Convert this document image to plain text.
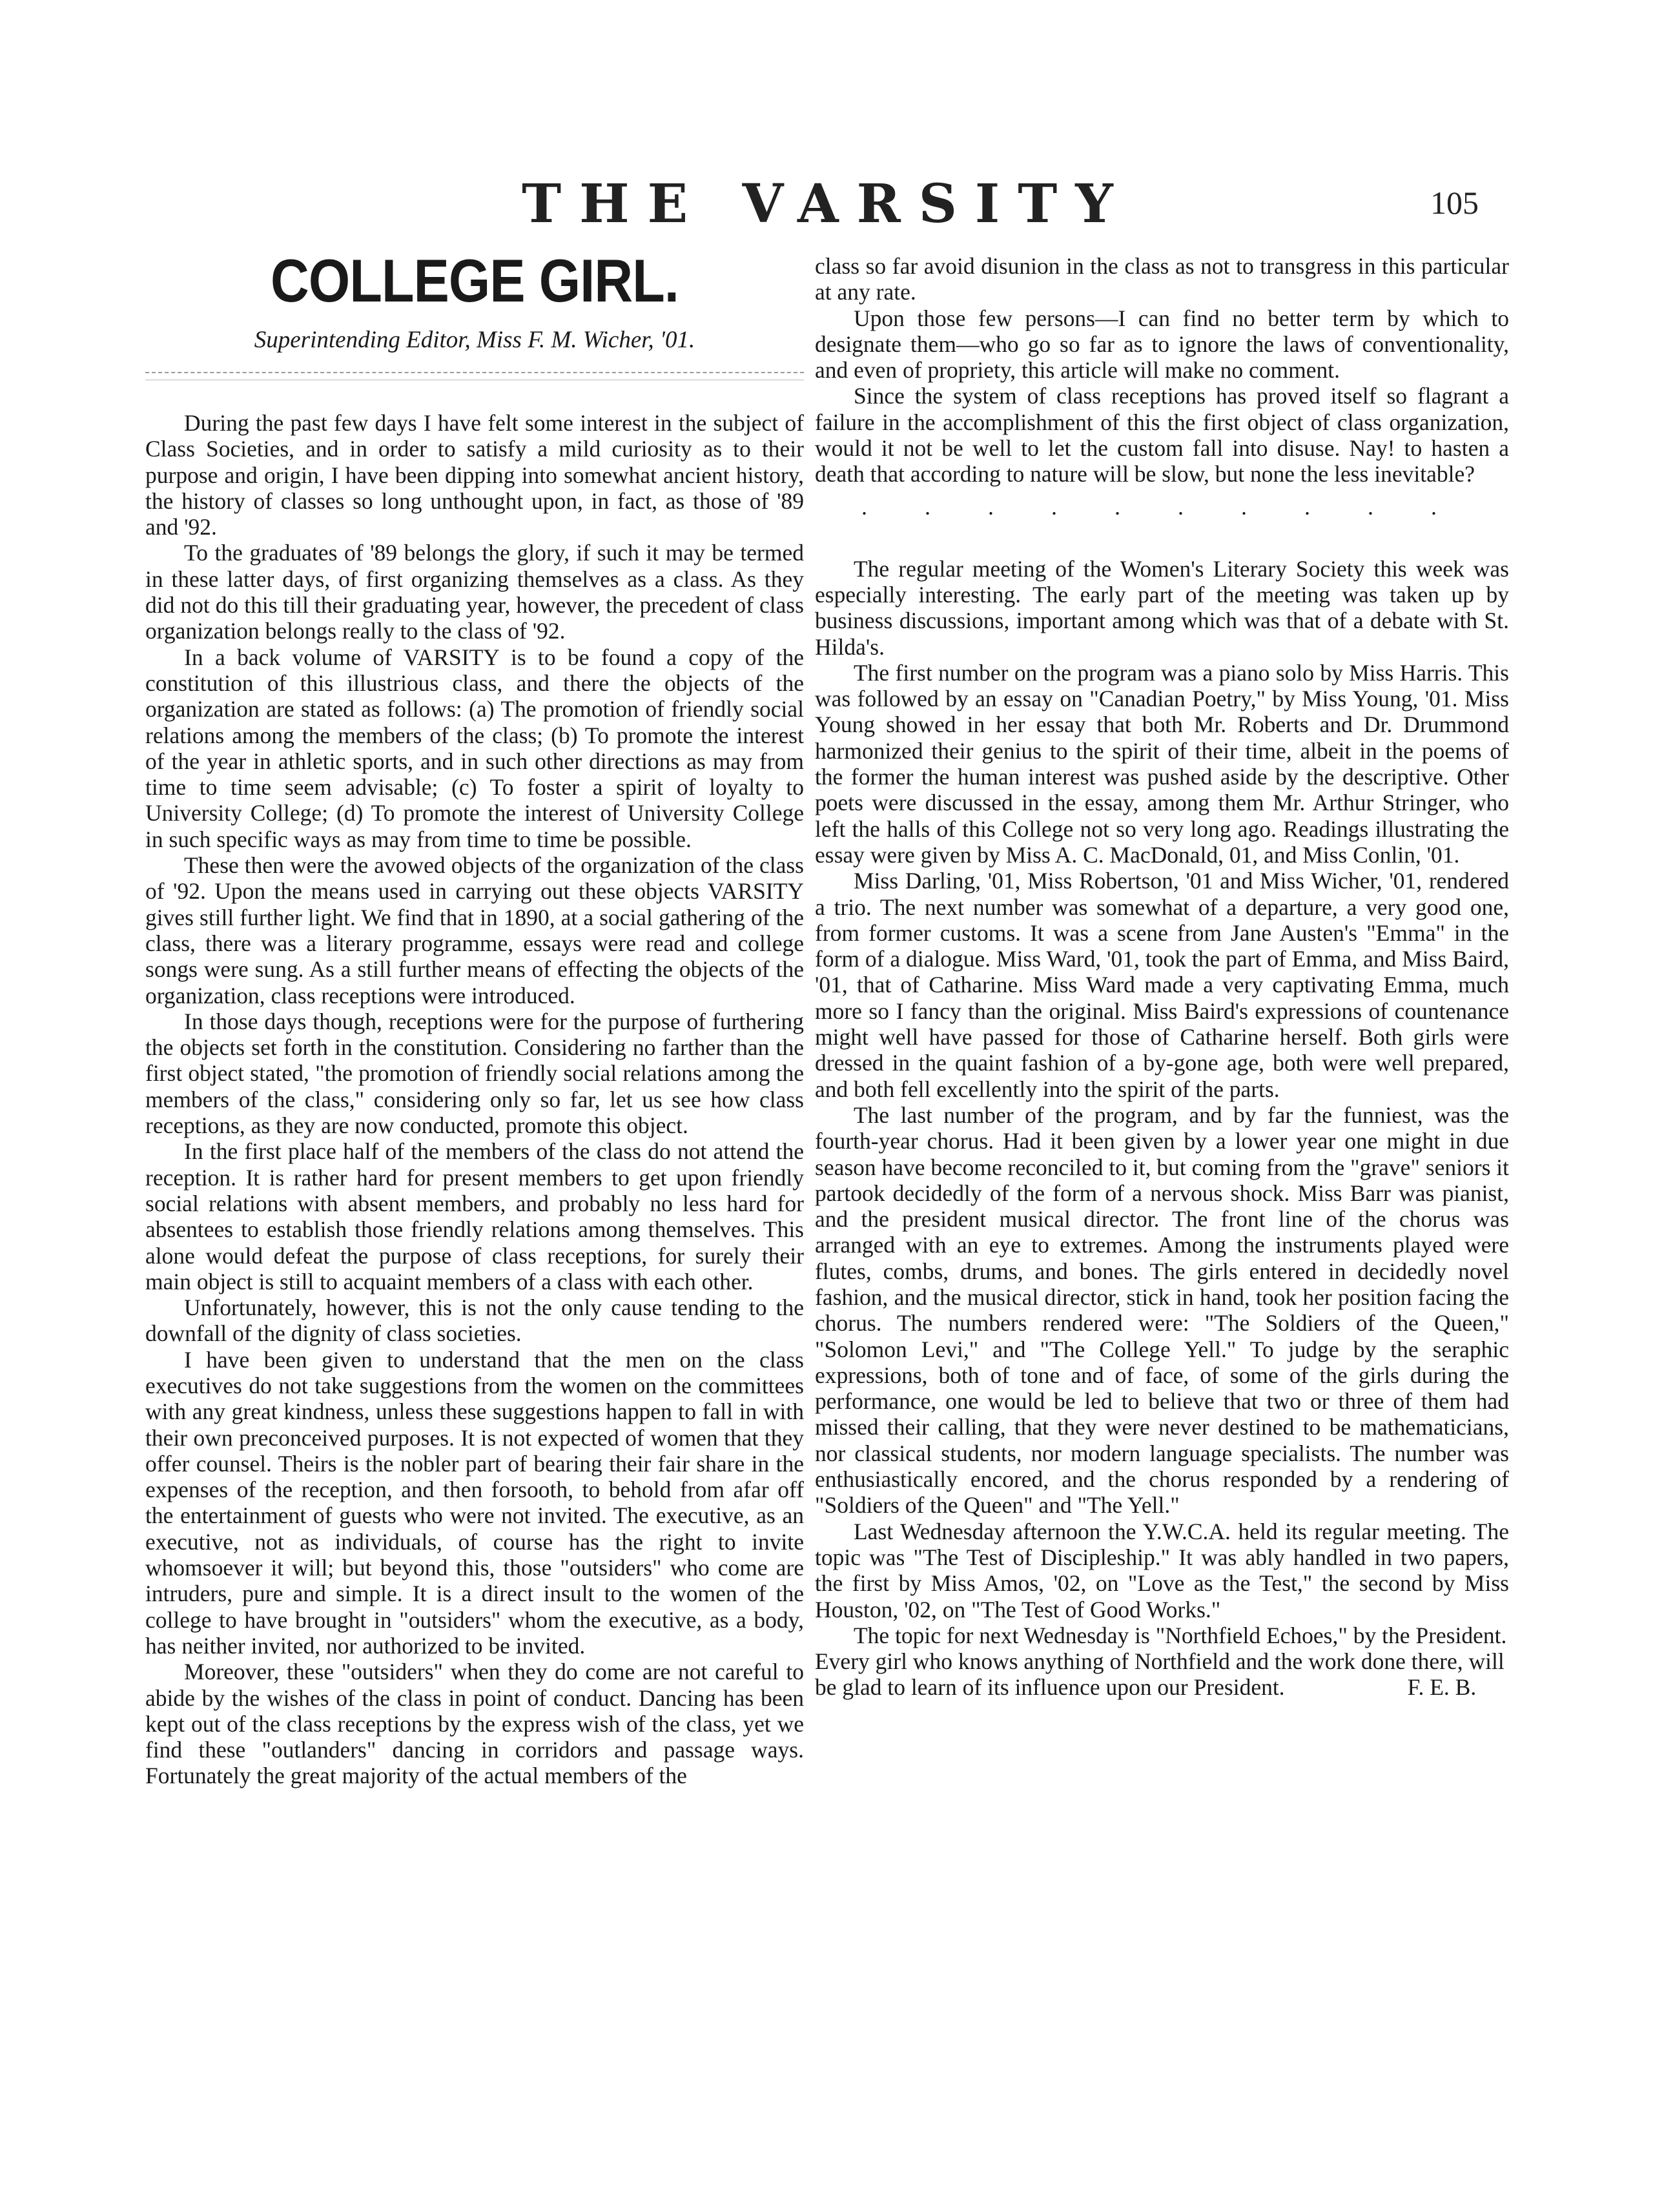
THE VARSITY	105
COLLEGE GIRL.
Superintending Editor, Miss F. M. Wicher, '01.

During the past few days I have felt some interest in the subject of Class Societies, and in order to satisfy a mild curiosity as to their purpose and origin, I have been dipping into somewhat ancient history, the history of classes so long unthought upon, in fact, as those of '89 and '92.

To the graduates of '89 belongs the glory, if such it may be termed in these latter days, of first organizing themselves as a class. As they did not do this till their graduating year, however, the precedent of class organization belongs really to the class of '92.

In a back volume of VARSITY is to be found a copy of the constitution of this illustrious class, and there the objects of the organization are stated as follows: (a) The promotion of friendly social relations among the members of the class; (b) To promote the interest of the year in athletic sports, and in such other directions as may from time to time seem advisable; (c) To foster a spirit of loyalty to University College; (d) To promote the interest of University College in such specific ways as may from time to time be possible.

These then were the avowed objects of the organization of the class of '92. Upon the means used in carrying out these objects VARSITY gives still further light. We find that in 1890, at a social gathering of the class, there was a literary programme, essays were read and college songs were sung. As a still further means of effecting the objects of the organization, class receptions were introduced.

In those days though, receptions were for the purpose of furthering the objects set forth in the constitution. Considering no farther than the first object stated, "the promotion of friendly social relations among the members of the class," considering only so far, let us see how class receptions, as they are now conducted, promote this object.

In the first place half of the members of the class do not attend the reception. It is rather hard for present members to get upon friendly social relations with absent members, and probably no less hard for absentees to establish those friendly relations among themselves. This alone would defeat the purpose of class receptions, for surely their main object is still to acquaint members of a class with each other.

Unfortunately, however, this is not the only cause tending to the downfall of the dignity of class societies.

I have been given to understand that the men on the class executives do not take suggestions from the women on the committees with any great kindness, unless these suggestions happen to fall in with their own preconceived purposes. It is not expected of women that they offer counsel. Theirs is the nobler part of bearing their fair share in the expenses of the reception, and then forsooth, to behold from afar off the entertainment of guests who were not invited. The executive, as an executive, not as individuals, of course has the right to invite whomsoever it will; but beyond this, those "outsiders" who come are intruders, pure and simple. It is a direct insult to the women of the college to have brought in "outsiders" whom the executive, as a body, has neither invited, nor authorized to be invited.

Moreover, these "outsiders" when they do come are not careful to abide by the wishes of the class in point of conduct. Dancing has been kept out of the class receptions by the express wish of the class, yet we find these "outlanders" dancing in corridors and passage ways. Fortunately the great majority of the actual members of the

class so far avoid disunion in the class as not to transgress in this particular at any rate.

Upon those few persons—I can find no better term by which to designate them—who go so far as to ignore the laws of conventionality, and even of propriety, this article will make no comment.

Since the system of class receptions has proved itself so flagrant a failure in the accomplishment of this the first object of class organization, would it not be well to let the custom fall into disuse. Nay! to hasten a death that according to nature will be slow, but none the less inevitable?

. . . . . . . . . .

The regular meeting of the Women's Literary Society this week was especially interesting. The early part of the meeting was taken up by business discussions, important among which was that of a debate with St. Hilda's.

The first number on the program was a piano solo by Miss Harris. This was followed by an essay on "Canadian Poetry," by Miss Young, '01. Miss Young showed in her essay that both Mr. Roberts and Dr. Drummond harmonized their genius to the spirit of their time, albeit in the poems of the former the human interest was pushed aside by the descriptive. Other poets were discussed in the essay, among them Mr. Arthur Stringer, who left the halls of this College not so very long ago. Readings illustrating the essay were given by Miss A. C. MacDonald, 01, and Miss Conlin, '01.

Miss Darling, '01, Miss Robertson, '01 and Miss Wicher, '01, rendered a trio. The next number was somewhat of a departure, a very good one, from former customs. It was a scene from Jane Austen's "Emma" in the form of a dialogue. Miss Ward, '01, took the part of Emma, and Miss Baird, '01, that of Catharine. Miss Ward made a very captivating Emma, much more so I fancy than the original. Miss Baird's expressions of countenance might well have passed for those of Catharine herself. Both girls were dressed in the quaint fashion of a by-gone age, both were well prepared, and both fell excellently into the spirit of the parts.

The last number of the program, and by far the funniest, was the fourth-year chorus. Had it been given by a lower year one might in due season have become reconciled to it, but coming from the "grave" seniors it partook decidedly of the form of a nervous shock. Miss Barr was pianist, and the president musical director. The front line of the chorus was arranged with an eye to extremes. Among the instruments played were flutes, combs, drums, and bones. The girls entered in decidedly novel fashion, and the musical director, stick in hand, took her position facing the chorus. The numbers rendered were: "The Soldiers of the Queen," "Solomon Levi," and "The College Yell." To judge by the seraphic expressions, both of tone and of face, of some of the girls during the performance, one would be led to believe that two or three of them had missed their calling, that they were never destined to be mathematicians, nor classical students, nor modern language specialists. The number was enthusiastically encored, and the chorus responded by a rendering of "Soldiers of the Queen" and "The Yell."

Last Wednesday afternoon the Y.W.C.A. held its regular meeting. The topic was "The Test of Discipleship." It was ably handled in two papers, the first by Miss Amos, '02, on "Love as the Test," the second by Miss Houston, '02, on "The Test of Good Works."

The topic for next Wednesday is "Northfield Echoes," by the President. Every girl who knows anything of Northfield and the work done there, will be glad to learn of its influence upon our President.	F. E. B.
